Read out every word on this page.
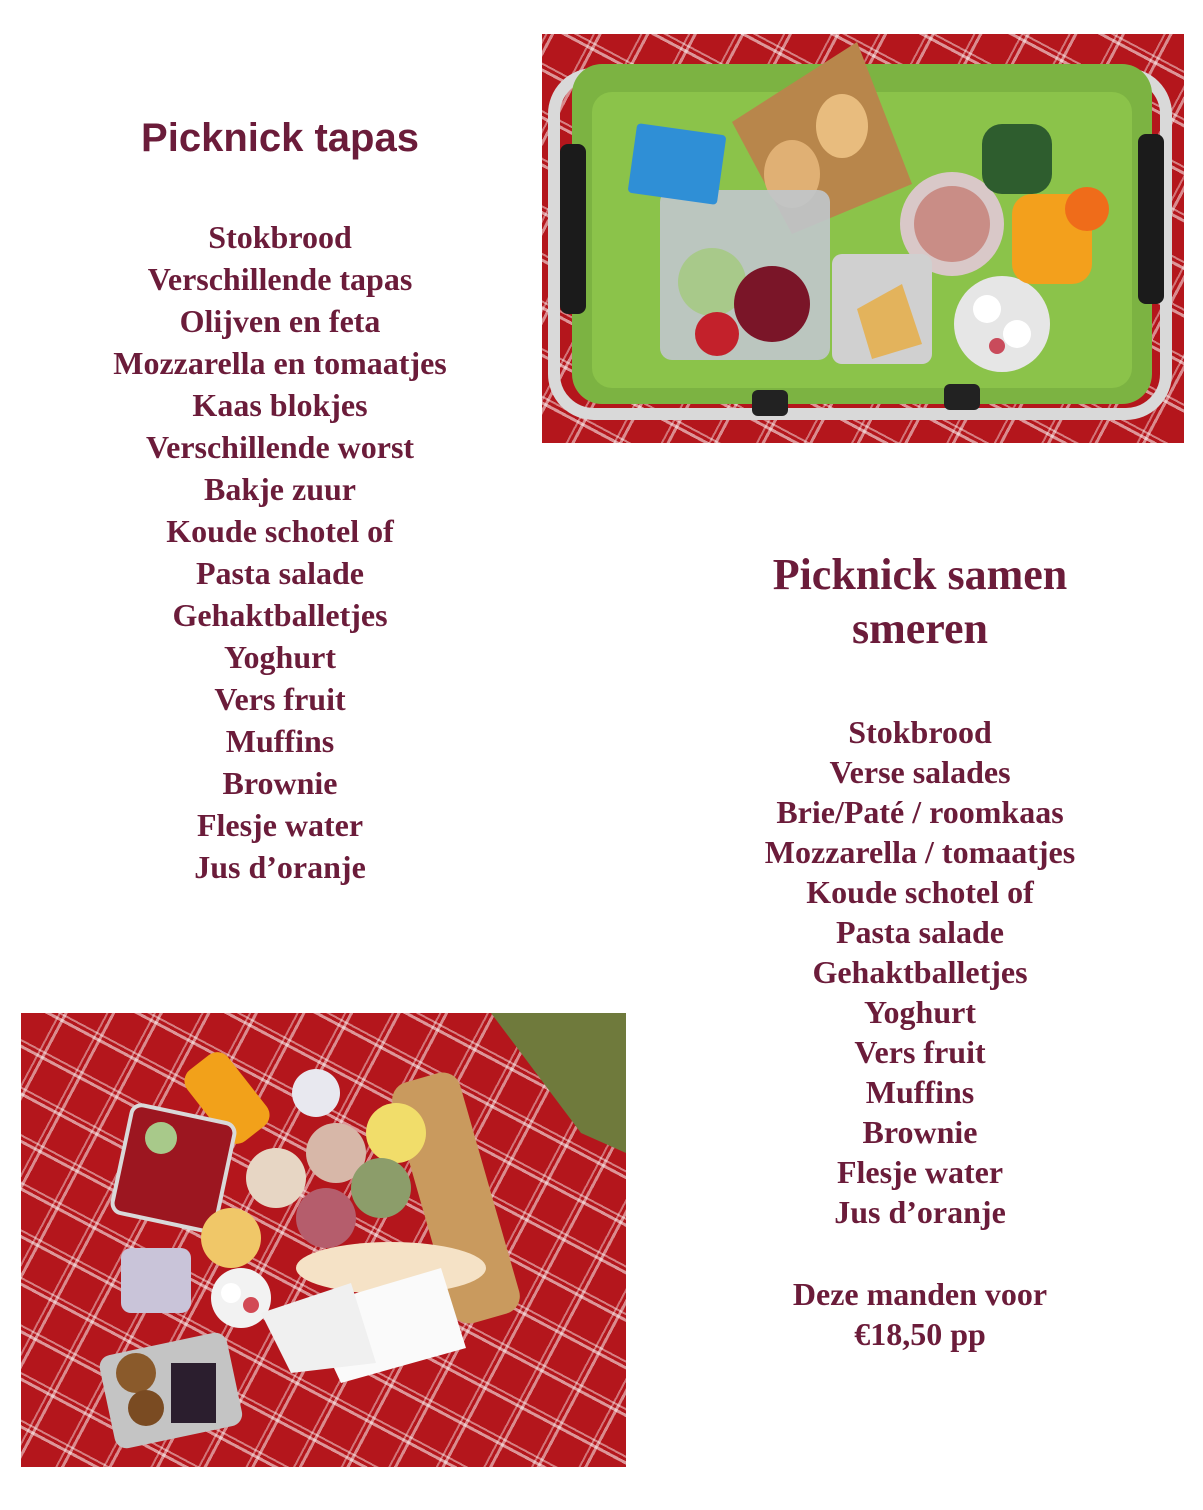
Picknick tapas
Stokbrood
Verschillende tapas
Olijven en feta
Mozzarella en tomaatjes
Kaas blokjes
Verschillende worst
Bakje zuur
Koude schotel of
Pasta salade
Gehaktballetjes
Yoghurt
Vers fruit
Muffins
Brownie
Flesje water
Jus d’oranje
Picknick samen
smeren
Stokbrood
Verse salades
Brie/Paté / roomkaas
Mozzarella / tomaatjes
Koude schotel of
Pasta salade
Gehaktballetjes
Yoghurt
Vers fruit
Muffins
Brownie
Flesje water
Jus d’oranje
Deze manden voor
€18,50 pp
